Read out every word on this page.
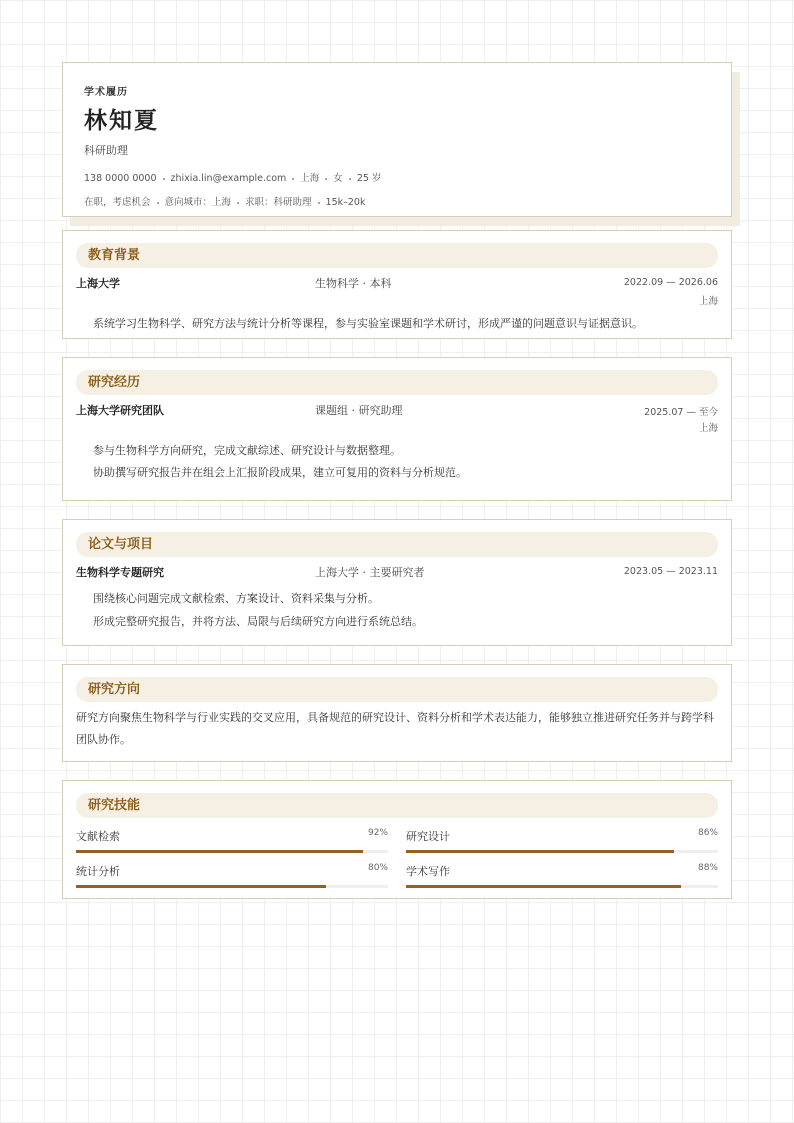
学术履历
林知夏
科研助理
138 0000 0000 zhixia.lin@example.com 上海 女 25 岁
在职，考虑机会 意向城市：上海 求职：科研助理 15k–20k
教育背景
上海大学	生物科学 · 本科	2022.09 — 2026.06
上海
系统学习生物科学、研究方法与统计分析等课程，参与实验室课题和学术研讨，形成严谨的问题意识与证据意识。
研究经历
上海大学研究团队	课题组 · 研究助理	2025.07 — 至今
上海
参与生物科学方向研究，完成文献综述、研究设计与数据整理。
协助撰写研究报告并在组会上汇报阶段成果，建立可复用的资料与分析规范。
论文与项目
生物科学专题研究	上海大学 · 主要研究者	2023.05 — 2023.11
围绕核心问题完成文献检索、方案设计、资料采集与分析。
形成完整研究报告，并将方法、局限与后续研究方向进行系统总结。
研究方向
研究方向聚焦生物科学与行业实践的交叉应用，具备规范的研究设计、资料分析和学术表达能力，能够独立推进研究任务并与跨学科团队协作。
研究技能
文献检索	92% 研究设计	86%
统计分析	80% 学术写作	88%
